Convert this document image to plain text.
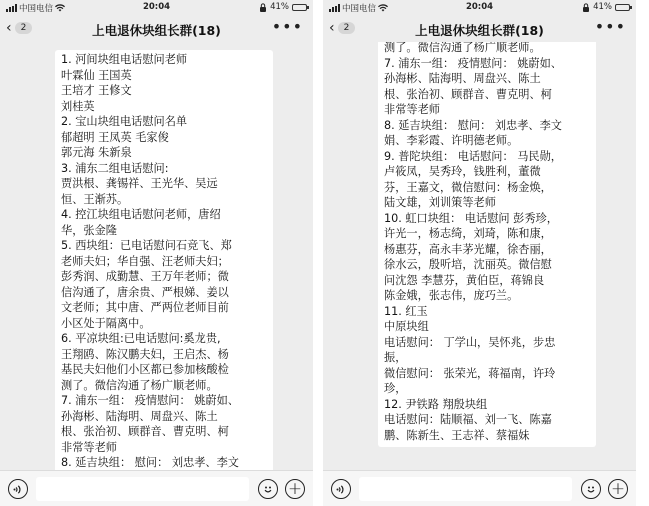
中国电信	20:04	41%
‹	2	上电退休块组长群(18)	•••
1. 河间块组电话慰问老师
叶霖仙 王国英
王培才 王修文
刘桂英
2. 宝山块组电话慰问名单
郁超明 王凤英 毛家俊
郭元海 朱新泉
3. 浦东二组电话慰问:
贾洪根、龚锡祥、王光华、吴远
恒、王渐苏。
4. 控江块组电话慰问老师，唐绍
华，张金隆
5. 西块组：已电话慰问石竞飞、郑
老师夫妇；华自强、汪老师夫妇；
彭秀润、成勤慧、王万年老师；微
信沟通了，唐余贵、严根娣、姜以
文老师；其中唐、严两位老师目前
小区处于隔离中。
6. 平凉块组:已电话慰问:奚龙贵,
王翔鸥、陈汉鹏夫妇，王启杰、杨
基民夫妇他们小区都已参加核酸检
测了。微信沟通了杨广顺老师。
7. 浦东一组： 疫情慰问： 姚蔚如、
孙海彬、陆海明、周盘兴、陈土
根、张治初、顾群音、曹克明、柯
非常等老师
8. 延吉块组： 慰问： 刘忠孝、李文
+
中国电信	20:04	41%
‹	2	上电退休块组长群(18)	•••
测了。微信沟通了杨广顺老师。
7. 浦东一组： 疫情慰问： 姚蔚如、
孙海彬、陆海明、周盘兴、陈土
根、张治初、顾群音、曹克明、柯
非常等老师
8. 延吉块组： 慰问： 刘忠孝、李文
娟、李彩霞、许明德老师。
9. 普陀块组： 电话慰问： 马民勋，
卢筱凤，吴秀玲，钱胜利，董微
芬，王嘉文，微信慰问：杨金焕，
陆文雄，刘训策等老师
10. 虹口块组： 电话慰问 彭秀珍，
许光一，杨志绮，刘琦，陈和康，
杨惠芬，高永丰茅光耀，徐杏丽，
徐水云，殷听培，沈丽英。微信慰
问沈怨 李慧芬，黄伯臣，蒋锦良
陈金娥，张志伟，庞巧兰。
11. 红玉
中原块组
电话慰问： 丁学山，吴怀兆，步忠
振，
微信慰问： 张荣光，蒋福南，许玲
珍，
12. 尹铁路 翔殷块组
电话慰问：陆顺福、刘一飞、陈嘉
鹏、陈新生、王志祥、蔡福妹
+
